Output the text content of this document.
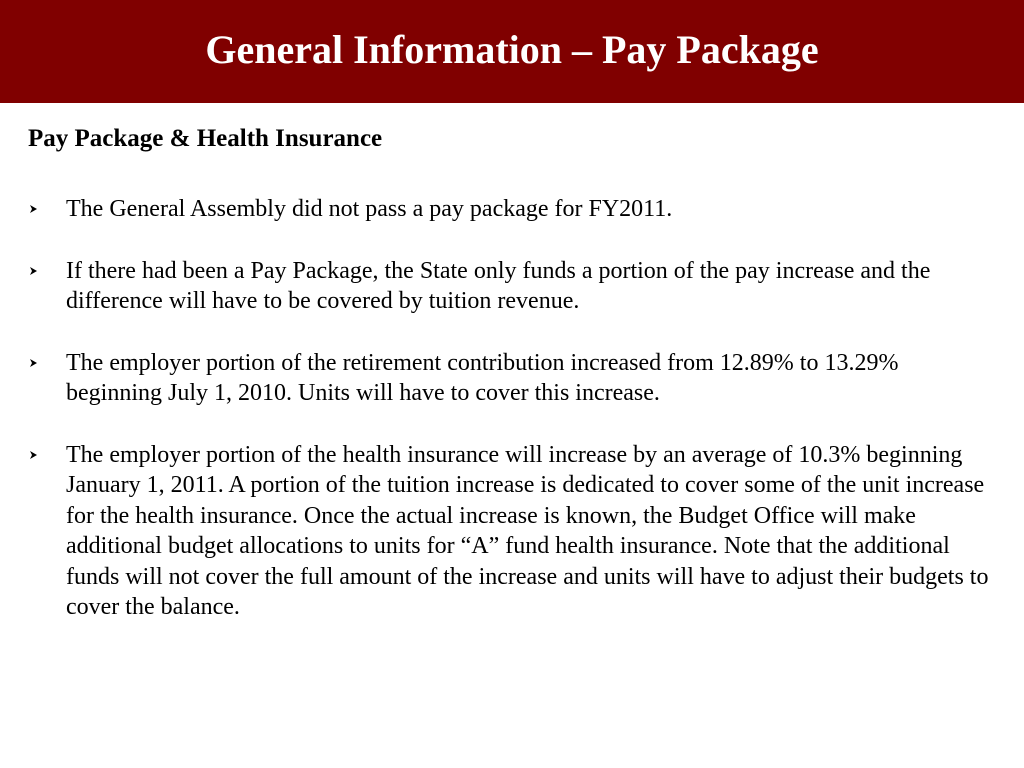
General Information – Pay Package
Pay Package & Health Insurance
The General Assembly did not pass a pay package for FY2011.
If there had been a Pay Package, the State only funds a portion of the pay increase and the difference will have to be covered by tuition revenue.
The employer portion of the retirement contribution increased from 12.89% to 13.29% beginning July 1, 2010. Units will have to cover this increase.
The employer portion of the health insurance will increase by an average of 10.3% beginning January 1, 2011. A portion of the tuition increase is dedicated to cover some of the unit increase for the health insurance. Once the actual increase is known, the Budget Office will make additional budget allocations to units for “A” fund health insurance. Note that the additional funds will not cover the full amount of the increase and units will have to adjust their budgets to cover the balance.
